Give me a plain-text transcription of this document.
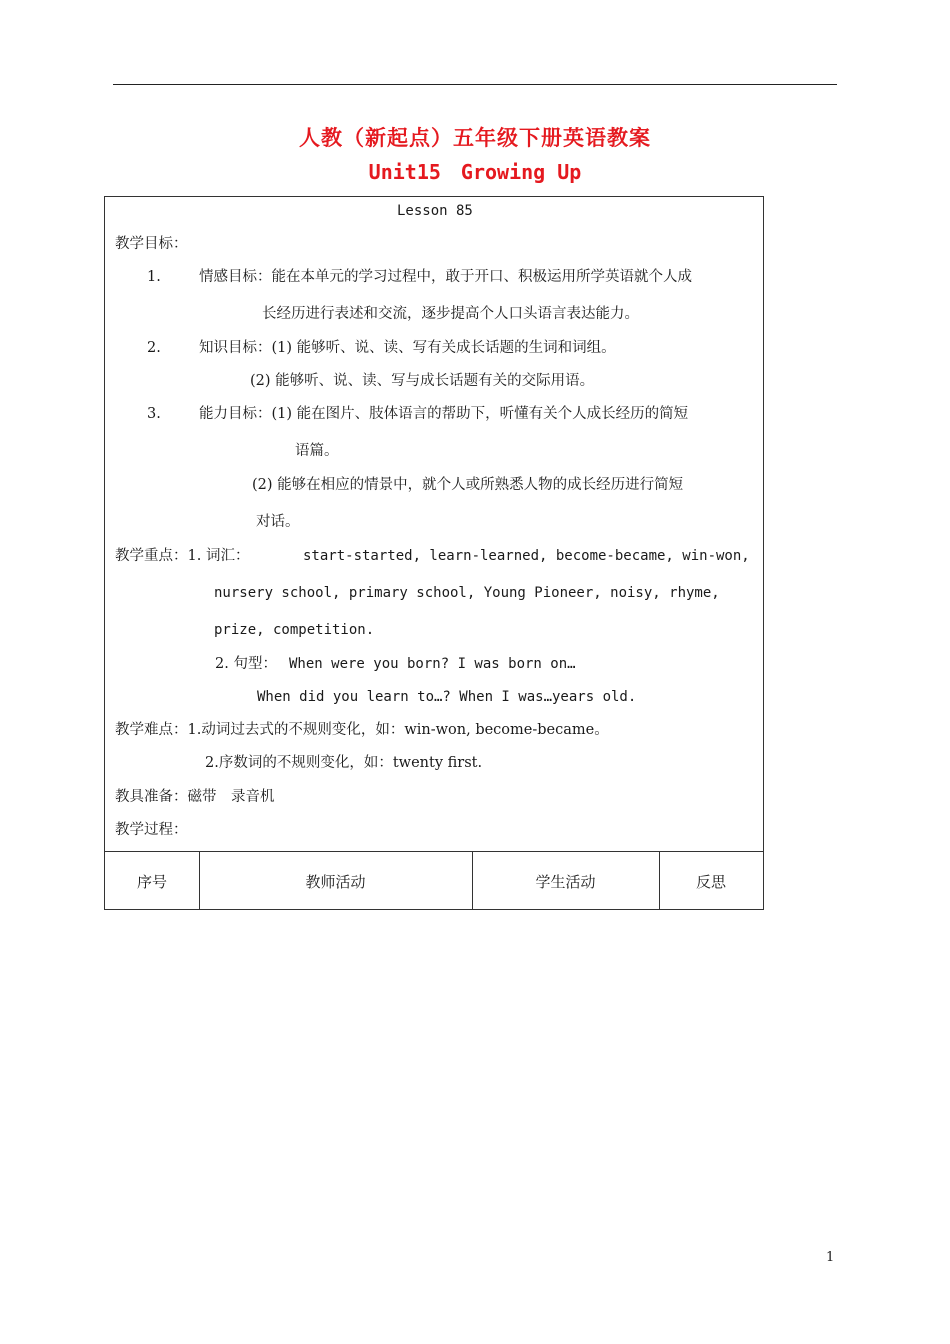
人教（新起点）五年级下册英语教案
Unit15 Growing Up
Lesson 85
教学目标：
1.	情感目标：能在本单元的学习过程中，敢于开口、积极运用所学英语就个人成
长经历进行表述和交流，逐步提高个人口头语言表达能力。
2.	知识目标：(1) 能够听、说、读、写有关成长话题的生词和词组。
(2) 能够听、说、读、写与成长话题有关的交际用语。
3.	能力目标：(1) 能在图片、肢体语言的帮助下，听懂有关个人成长经历的简短
语篇。
(2) 能够在相应的情景中，就个人或所熟悉人物的成长经历进行简短
对话。
教学重点：1. 词汇：	start-started, learn-learned, become-became, win-won,
nursery school, primary school, Young Pioneer, noisy, rhyme,
prize, competition.
2. 句型： When were you born? I was born on…
When did you learn to…? When I was…years old.
教学难点：1.动词过去式的不规则变化，如：win-won, become-became。
2.序数词的不规则变化，如：twenty first.
教具准备：磁带　录音机
教学过程：
序号	教师活动	学生活动	反思
1
